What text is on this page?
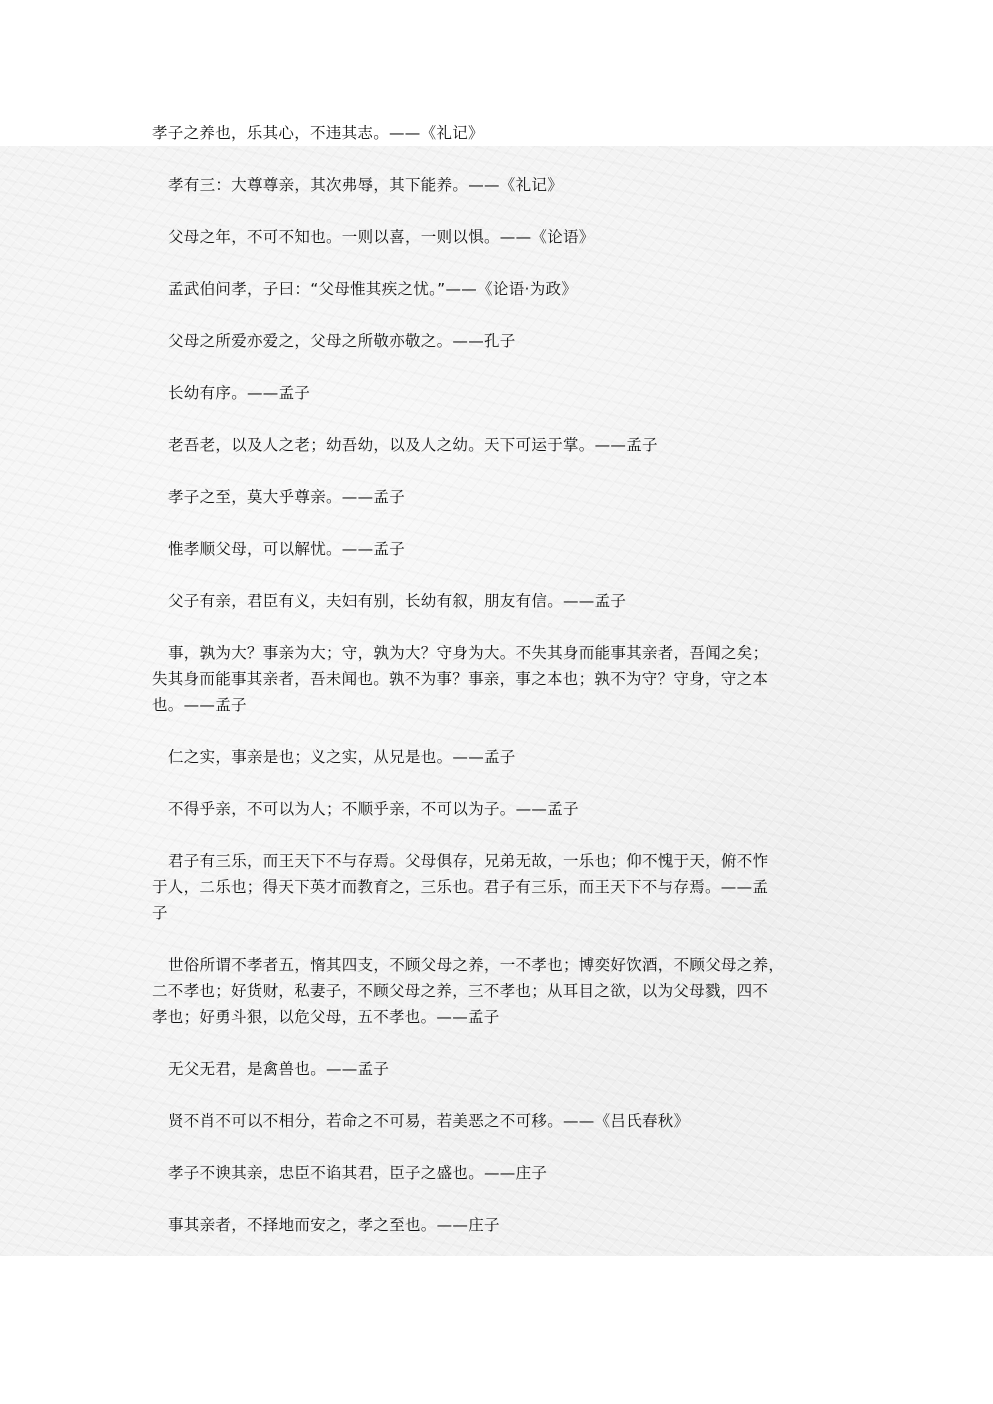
孝子之养也，乐其心，不违其志。——《礼记》

孝有三：大尊尊亲，其次弗辱，其下能养。——《礼记》

父母之年，不可不知也。一则以喜，一则以惧。——《论语》

孟武伯问孝，子曰：“父母惟其疾之忧。”——《论语·为政》

父母之所爱亦爱之，父母之所敬亦敬之。——孔子

长幼有序。——孟子

老吾老，以及人之老；幼吾幼，以及人之幼。天下可运于掌。——孟子

孝子之至，莫大乎尊亲。——孟子

惟孝顺父母，可以解忧。——孟子

父子有亲，君臣有义，夫妇有别，长幼有叙，朋友有信。——孟子

事，孰为大？事亲为大；守，孰为大？守身为大。不失其身而能事其亲者，吾闻之矣；
失其身而能事其亲者，吾未闻也。孰不为事？事亲，事之本也；孰不为守？守身，守之本
也。——孟子

仁之实，事亲是也；义之实，从兄是也。——孟子

不得乎亲，不可以为人；不顺乎亲，不可以为子。——孟子

君子有三乐，而王天下不与存焉。父母俱存，兄弟无故，一乐也；仰不愧于天，俯不怍
于人，二乐也；得天下英才而教育之，三乐也。君子有三乐，而王天下不与存焉。——孟
子

世俗所谓不孝者五，惰其四支，不顾父母之养，一不孝也；博奕好饮酒，不顾父母之养，
二不孝也；好货财，私妻子，不顾父母之养，三不孝也；从耳目之欲，以为父母戮，四不
孝也；好勇斗狠，以危父母，五不孝也。——孟子

无父无君，是禽兽也。——孟子

贤不肖不可以不相分，若命之不可易，若美恶之不可移。——《吕氏春秋》

孝子不谀其亲，忠臣不谄其君，臣子之盛也。——庄子

事其亲者，不择地而安之，孝之至也。——庄子
